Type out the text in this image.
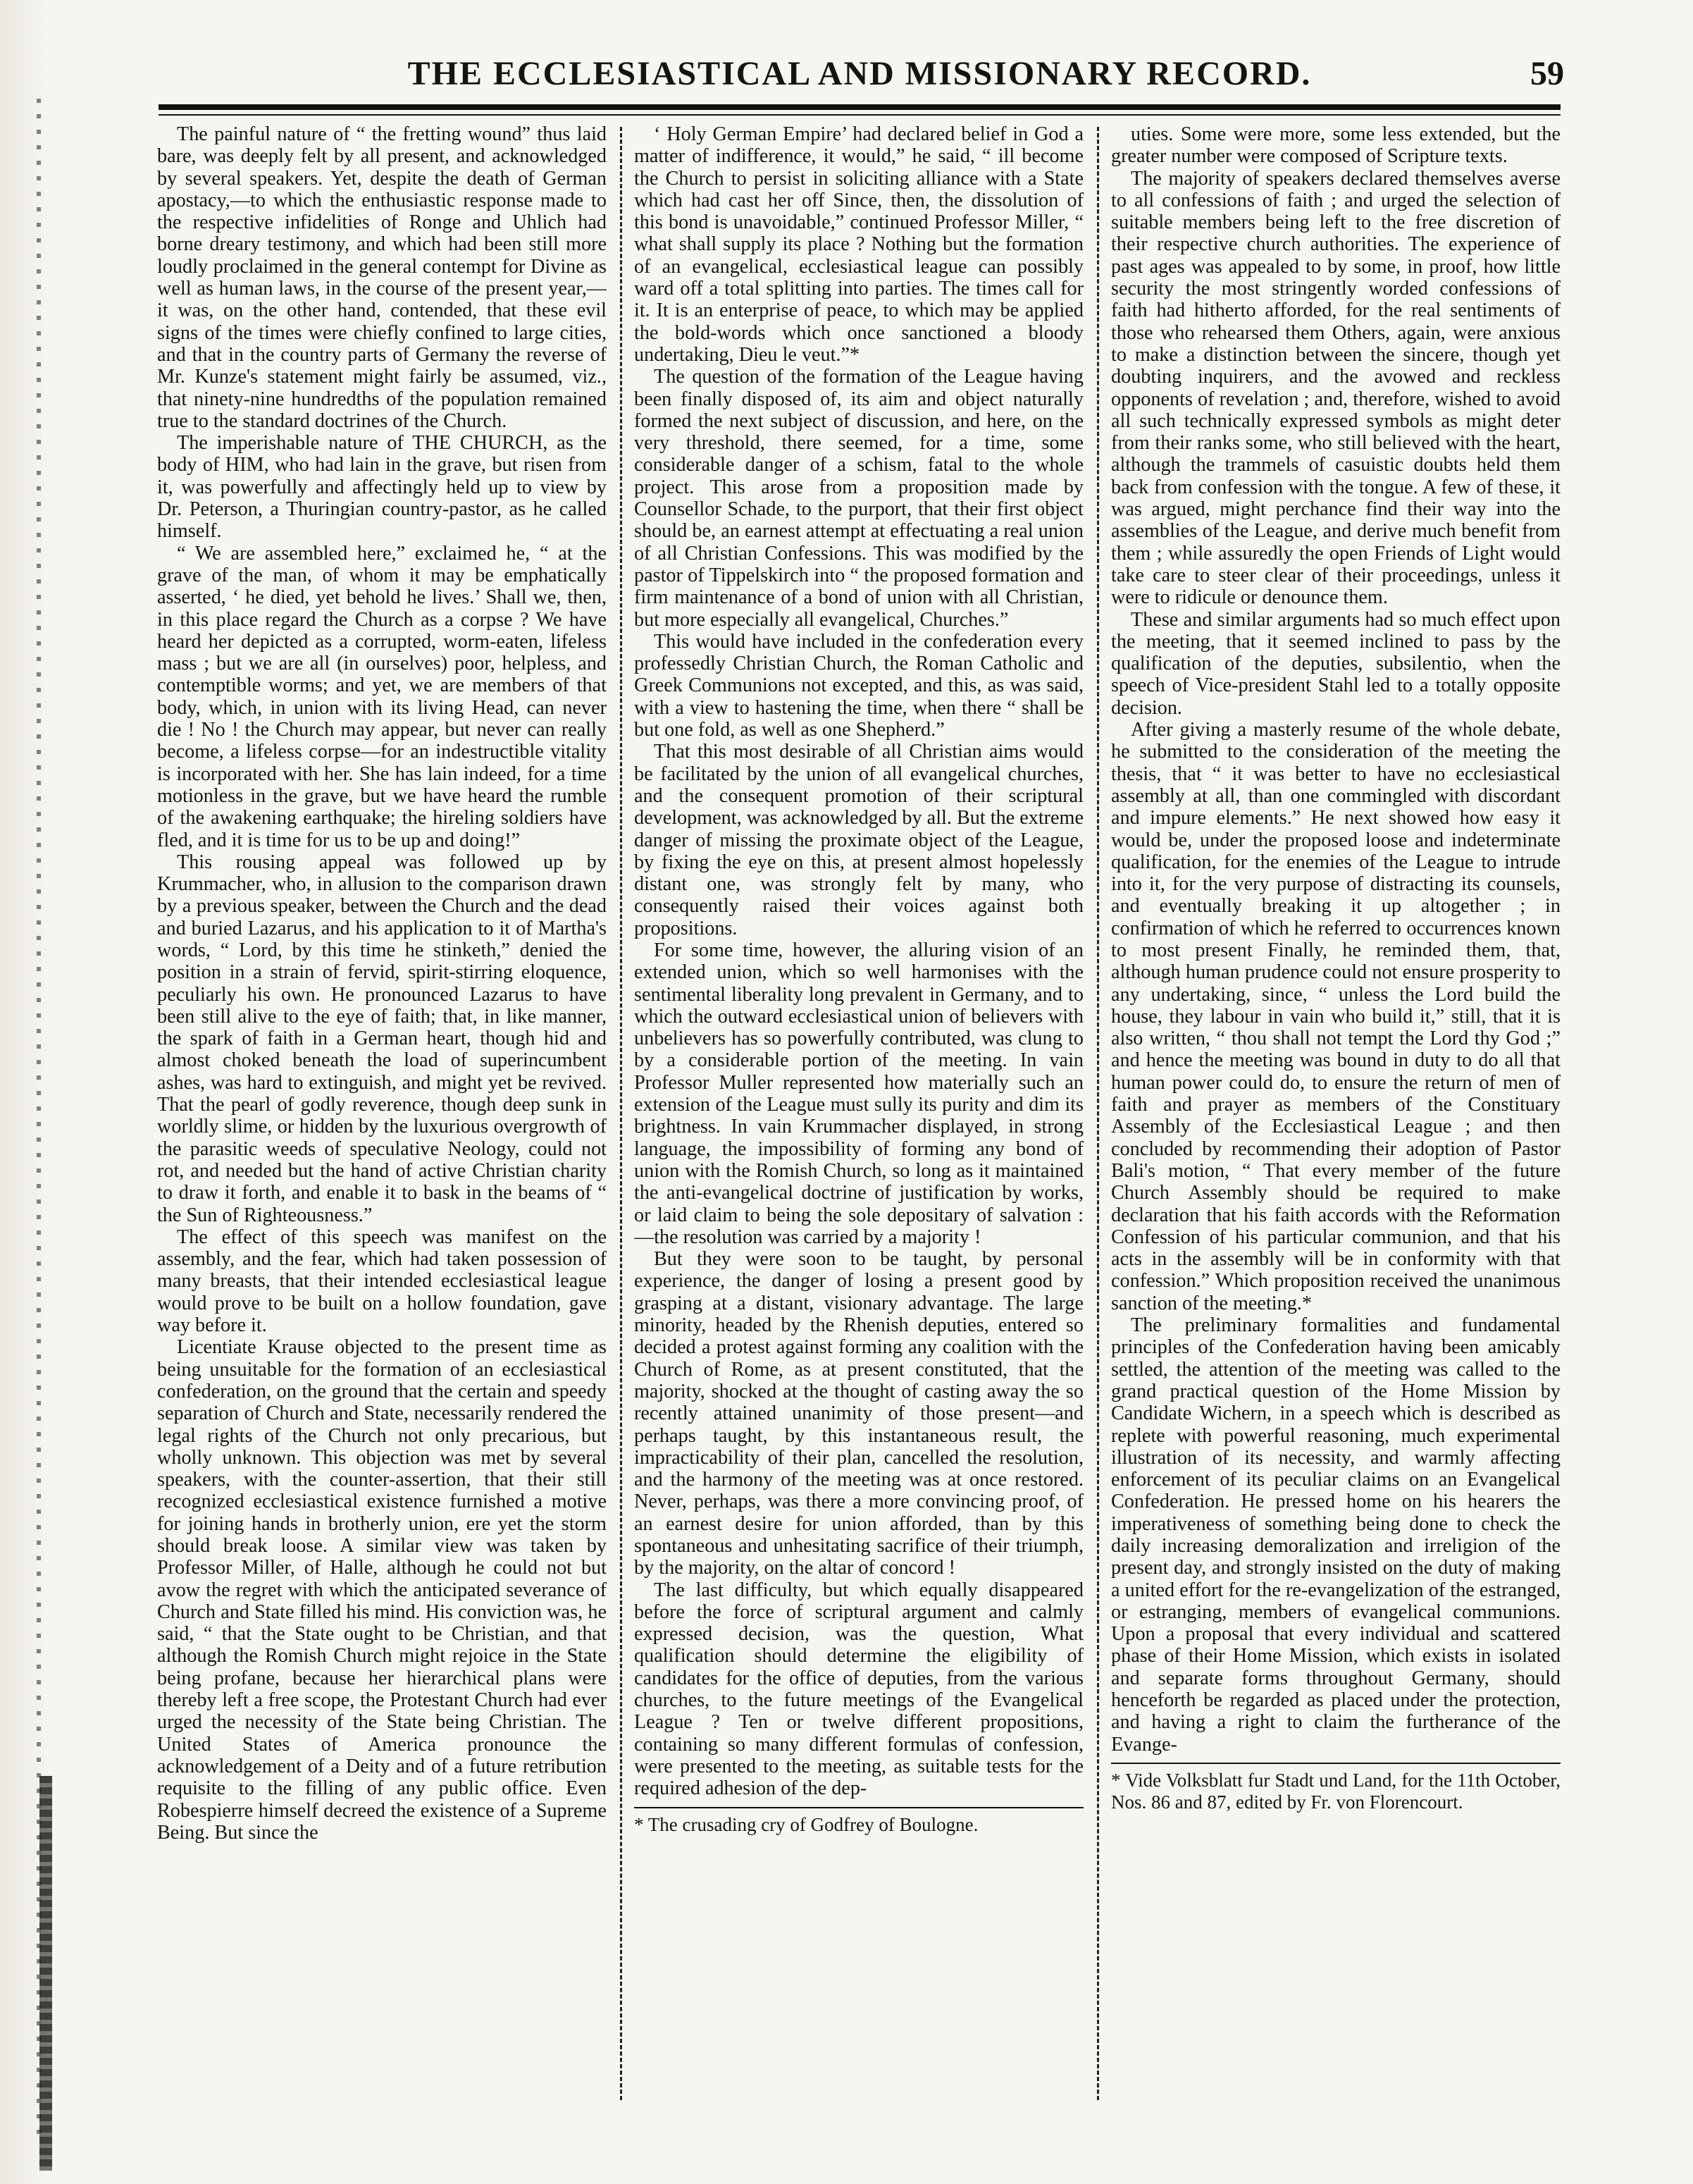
THE ECCLESIASTICAL AND MISSIONARY RECORD.	59

The painful nature of “ the fretting wound” thus laid bare, was deeply felt by all present, and acknowledged by several speakers. Yet, despite the death of German apostacy,—to which the enthusiastic response made to the respective infidelities of Ronge and Uhlich had borne dreary testimony, and which had been still more loudly proclaimed in the general contempt for Divine as well as human laws, in the course of the present year,—it was, on the other hand, contended, that these evil signs of the times were chiefly confined to large cities, and that in the country parts of Germany the reverse of Mr. Kunze's statement might fairly be assumed, viz., that ninety-nine hundredths of the population remained true to the standard doctrines of the Church.

The imperishable nature of THE CHURCH, as the body of HIM, who had lain in the grave, but risen from it, was powerfully and affectingly held up to view by Dr. Peterson, a Thuringian country-pastor, as he called himself.

“ We are assembled here,” exclaimed he, “ at the grave of the man, of whom it may be emphatically asserted, ‘ he died, yet behold he lives.’ Shall we, then, in this place regard the Church as a corpse ? We have heard her depicted as a corrupted, worm-eaten, lifeless mass ; but we are all (in ourselves) poor, helpless, and contemptible worms; and yet, we are members of that body, which, in union with its living Head, can never die ! No ! the Church may appear, but never can really become, a lifeless corpse—for an indestructible vitality is incorporated with her. She has lain indeed, for a time motionless in the grave, but we have heard the rumble of the awakening earthquake; the hireling soldiers have fled, and it is time for us to be up and doing!”

This rousing appeal was followed up by Krummacher, who, in allusion to the comparison drawn by a previous speaker, between the Church and the dead and buried Lazarus, and his application to it of Martha's words, “ Lord, by this time he stinketh,” denied the position in a strain of fervid, spirit-stirring eloquence, peculiarly his own. He pronounced Lazarus to have been still alive to the eye of faith; that, in like manner, the spark of faith in a German heart, though hid and almost choked beneath the load of superincumbent ashes, was hard to extinguish, and might yet be revived. That the pearl of godly reverence, though deep sunk in worldly slime, or hidden by the luxurious overgrowth of the parasitic weeds of speculative Neology, could not rot, and needed but the hand of active Christian charity to draw it forth, and enable it to bask in the beams of “ the Sun of Righteousness.”

The effect of this speech was manifest on the assembly, and the fear, which had taken possession of many breasts, that their intended ecclesiastical league would prove to be built on a hollow foundation, gave way before it.

Licentiate Krause objected to the present time as being unsuitable for the formation of an ecclesiastical confederation, on the ground that the certain and speedy separation of Church and State, necessarily rendered the legal rights of the Church not only precarious, but wholly unknown. This objection was met by several speakers, with the counter-assertion, that their still recognized ecclesiastical existence furnished a motive for joining hands in brotherly union, ere yet the storm should break loose. A similar view was taken by Professor Miller, of Halle, although he could not but avow the regret with which the anticipated severance of Church and State filled his mind. His conviction was, he said, “ that the State ought to be Christian, and that although the Romish Church might rejoice in the State being profane, because her hierarchical plans were thereby left a free scope, the Protestant Church had ever urged the necessity of the State being Christian. The United States of America pronounce the acknowledgement of a Deity and of a future retribution requisite to the filling of any public office. Even Robespierre himself decreed the existence of a Supreme Being. But since the

‘ Holy German Empire’ had declared belief in God a matter of indifference, it would,” he said, “ ill become the Church to persist in soliciting alliance with a State which had cast her off Since, then, the dissolution of this bond is unavoidable,” continued Professor Miller, “ what shall supply its place ? Nothing but the formation of an evangelical, ecclesiastical league can possibly ward off a total splitting into parties. The times call for it. It is an enterprise of peace, to which may be applied the bold-words which once sanctioned a bloody undertaking, Dieu le veut.”*

The question of the formation of the League having been finally disposed of, its aim and object naturally formed the next subject of discussion, and here, on the very threshold, there seemed, for a time, some considerable danger of a schism, fatal to the whole project. This arose from a proposition made by Counsellor Schade, to the purport, that their first object should be, an earnest attempt at effectuating a real union of all Christian Confessions. This was modified by the pastor of Tippelskirch into “ the proposed formation and firm maintenance of a bond of union with all Christian, but more especially all evangelical, Churches.”

This would have included in the confederation every professedly Christian Church, the Roman Catholic and Greek Communions not excepted, and this, as was said, with a view to hastening the time, when there “ shall be but one fold, as well as one Shepherd.”

That this most desirable of all Christian aims would be facilitated by the union of all evangelical churches, and the consequent promotion of their scriptural development, was acknowledged by all. But the extreme danger of missing the proximate object of the League, by fixing the eye on this, at present almost hopelessly distant one, was strongly felt by many, who consequently raised their voices against both propositions.

For some time, however, the alluring vision of an extended union, which so well harmonises with the sentimental liberality long prevalent in Germany, and to which the outward ecclesiastical union of believers with unbelievers has so powerfully contributed, was clung to by a considerable portion of the meeting. In vain Professor Muller represented how materially such an extension of the League must sully its purity and dim its brightness. In vain Krummacher displayed, in strong language, the impossibility of forming any bond of union with the Romish Church, so long as it maintained the anti-evangelical doctrine of justification by works, or laid claim to being the sole depositary of salvation :—the resolution was carried by a majority !

But they were soon to be taught, by personal experience, the danger of losing a present good by grasping at a distant, visionary advantage. The large minority, headed by the Rhenish deputies, entered so decided a protest against forming any coalition with the Church of Rome, as at present constituted, that the majority, shocked at the thought of casting away the so recently attained unanimity of those present—and perhaps taught, by this instantaneous result, the impracticability of their plan, cancelled the resolution, and the harmony of the meeting was at once restored. Never, perhaps, was there a more convincing proof, of an earnest desire for union afforded, than by this spontaneous and unhesitating sacrifice of their triumph, by the majority, on the altar of concord !

The last difficulty, but which equally disappeared before the force of scriptural argument and calmly expressed decision, was the question, What qualification should determine the eligibility of candidates for the office of deputies, from the various churches, to the future meetings of the Evangelical League ? Ten or twelve different propositions, containing so many different formulas of confession, were presented to the meeting, as suitable tests for the required adhesion of the dep-

* The crusading cry of Godfrey of Boulogne.

uties. Some were more, some less extended, but the greater number were composed of Scripture texts.

The majority of speakers declared themselves averse to all confessions of faith ; and urged the selection of suitable members being left to the free discretion of their respective church authorities. The experience of past ages was appealed to by some, in proof, how little security the most stringently worded confessions of faith had hitherto afforded, for the real sentiments of those who rehearsed them Others, again, were anxious to make a distinction between the sincere, though yet doubting inquirers, and the avowed and reckless opponents of revelation ; and, therefore, wished to avoid all such technically expressed symbols as might deter from their ranks some, who still believed with the heart, although the trammels of casuistic doubts held them back from confession with the tongue. A few of these, it was argued, might perchance find their way into the assemblies of the League, and derive much benefit from them ; while assuredly the open Friends of Light would take care to steer clear of their proceedings, unless it were to ridicule or denounce them.

These and similar arguments had so much effect upon the meeting, that it seemed inclined to pass by the qualification of the deputies, subsilentio, when the speech of Vice-president Stahl led to a totally opposite decision.

After giving a masterly resume of the whole debate, he submitted to the consideration of the meeting the thesis, that “ it was better to have no ecclesiastical assembly at all, than one commingled with discordant and impure elements.” He next showed how easy it would be, under the proposed loose and indeterminate qualification, for the enemies of the League to intrude into it, for the very purpose of distracting its counsels, and eventually breaking it up altogether ; in confirmation of which he referred to occurrences known to most present Finally, he reminded them, that, although human prudence could not ensure prosperity to any undertaking, since, “ unless the Lord build the house, they labour in vain who build it,” still, that it is also written, “ thou shall not tempt the Lord thy God ;” and hence the meeting was bound in duty to do all that human power could do, to ensure the return of men of faith and prayer as members of the Constituary Assembly of the Ecclesiastical League ; and then concluded by recommending their adoption of Pastor Bali's motion, “ That every member of the future Church Assembly should be required to make declaration that his faith accords with the Reformation Confession of his particular communion, and that his acts in the assembly will be in conformity with that confession.” Which proposition received the unanimous sanction of the meeting.*

The preliminary formalities and fundamental principles of the Confederation having been amicably settled, the attention of the meeting was called to the grand practical question of the Home Mission by Candidate Wichern, in a speech which is described as replete with powerful reasoning, much experimental illustration of its necessity, and warmly affecting enforcement of its peculiar claims on an Evangelical Confederation. He pressed home on his hearers the imperativeness of something being done to check the daily increasing demoralization and irreligion of the present day, and strongly insisted on the duty of making a united effort for the re-evangelization of the estranged, or estranging, members of evangelical communions. Upon a proposal that every individual and scattered phase of their Home Mission, which exists in isolated and separate forms throughout Germany, should henceforth be regarded as placed under the protection, and having a right to claim the furtherance of the Evange-

* Vide Volksblatt fur Stadt und Land, for the 11th October, Nos. 86 and 87, edited by Fr. von Florencourt.
